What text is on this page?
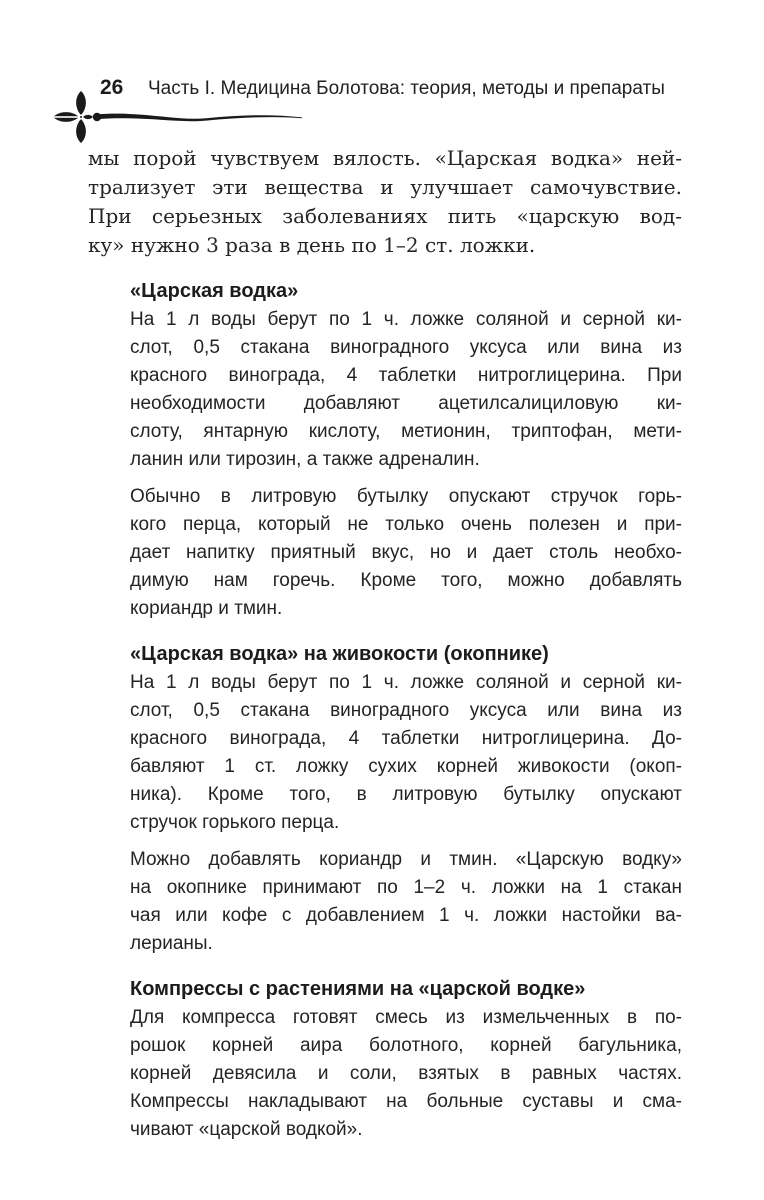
26 Часть I. Медицина Болотова: теория, методы и препараты
мы порой чувствуем вялость. «Царская водка» ней-
трализует эти вещества и улучшает самочувствие.
При серьезных заболеваниях пить «царскую вод-
ку» нужно 3 раза в день по 1–2 ст. ложки.
«Царская водка»
На 1 л воды берут по 1 ч. ложке соляной и серной ки-
слот, 0,5 стакана виноградного уксуса или вина из
красного винограда, 4 таблетки нитроглицерина. При
необходимости добавляют ацетилсалициловую ки-
слоту, янтарную кислоту, метионин, триптофан, мети-
ланин или тирозин, а также адреналин.
Обычно в литровую бутылку опускают стручок горь-
кого перца, который не только очень полезен и при-
дает напитку приятный вкус, но и дает столь необхо-
димую нам горечь. Кроме того, можно добавлять
кориандр и тмин.
«Царская водка» на живокости (окопнике)
На 1 л воды берут по 1 ч. ложке соляной и серной ки-
слот, 0,5 стакана виноградного уксуса или вина из
красного винограда, 4 таблетки нитроглицерина. До-
бавляют 1 ст. ложку сухих корней живокости (окоп-
ника). Кроме того, в литровую бутылку опускают
стручок горького перца.
Можно добавлять кориандр и тмин. «Царскую водку»
на окопнике принимают по 1–2 ч. ложки на 1 стакан
чая или кофе с добавлением 1 ч. ложки настойки ва-
лерианы.
Компрессы с растениями на «царской водке»
Для компресса готовят смесь из измельченных в по-
рошок корней аира болотного, корней багульника,
корней девясила и соли, взятых в равных частях.
Компрессы накладывают на больные суставы и сма-
чивают «царской водкой».
